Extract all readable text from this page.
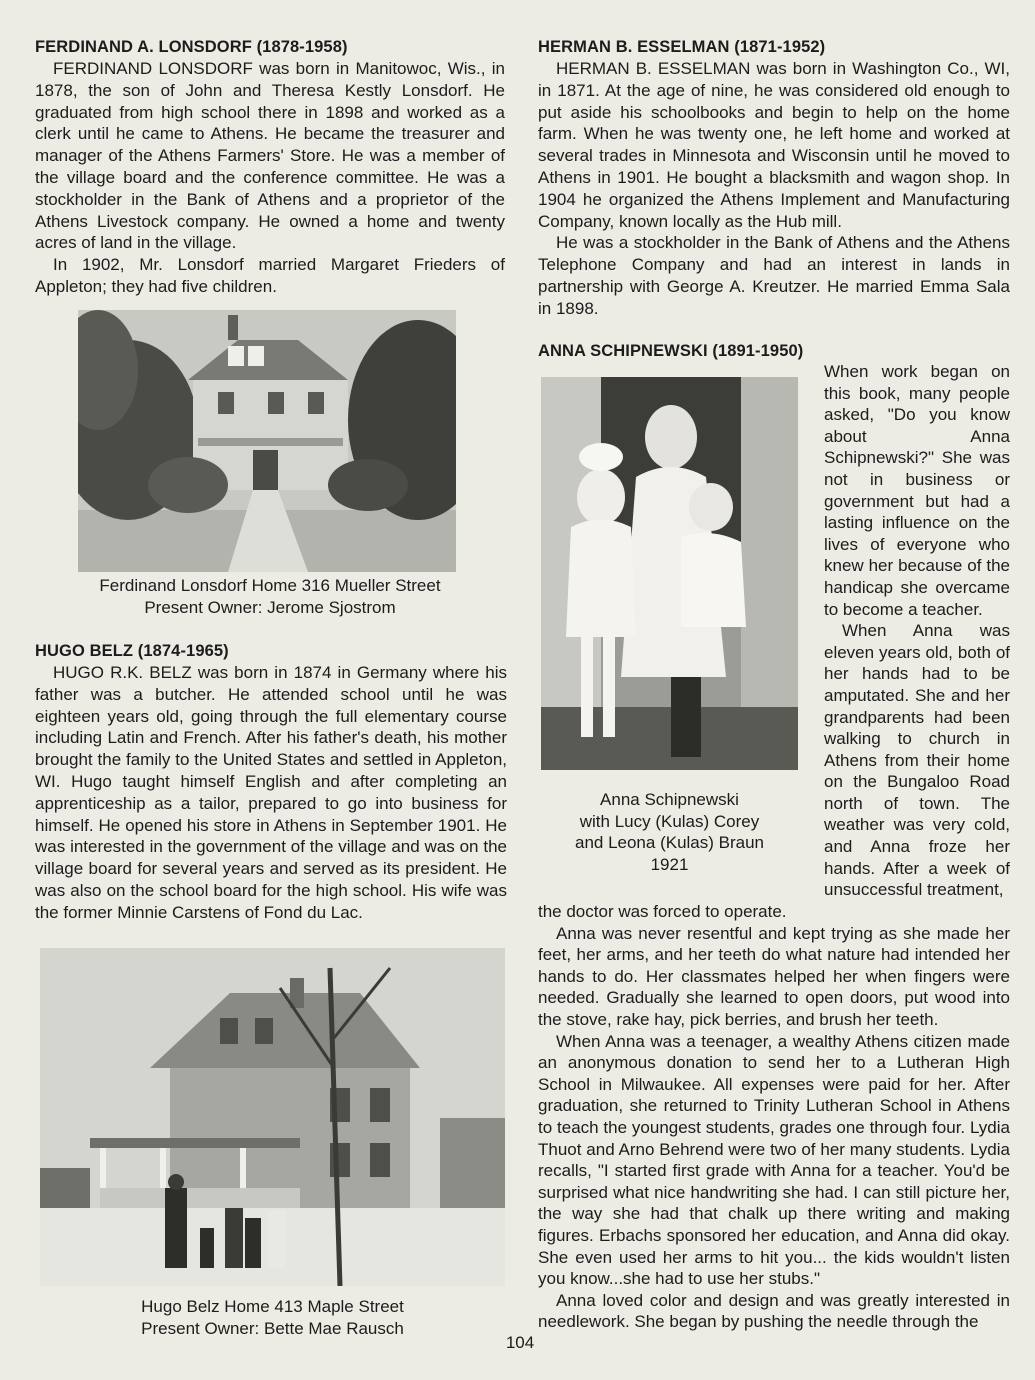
FERDINAND A. LONSDORF (1878-1958)

FERDINAND LONSDORF was born in Manitowoc, Wis., in 1878, the son of John and Theresa Kestly Lonsdorf. He graduated from high school there in 1898 and worked as a clerk until he came to Athens. He became the treasurer and manager of the Athens Farmers' Store. He was a member of the village board and the conference committee. He was a stockholder in the Bank of Athens and a proprietor of the Athens Livestock company. He owned a home and twenty acres of land in the village.

In 1902, Mr. Lonsdorf married Margaret Frieders of Appleton; they had five children.

Ferdinand Lonsdorf Home 316 Mueller Street
Present Owner: Jerome Sjostrom
HUGO BELZ (1874-1965)

HUGO R.K. BELZ was born in 1874 in Germany where his father was a butcher. He attended school until he was eighteen years old, going through the full elementary course including Latin and French. After his father's death, his mother brought the family to the United States and settled in Appleton, WI. Hugo taught himself English and after completing an apprenticeship as a tailor, prepared to go into business for himself. He opened his store in Athens in September 1901. He was interested in the government of the village and was on the village board for several years and served as its president. He was also on the school board for the high school. His wife was the former Minnie Carstens of Fond du Lac.

Hugo Belz Home 413 Maple Street
Present Owner: Bette Mae Rausch
HERMAN B. ESSELMAN (1871-1952)

HERMAN B. ESSELMAN was born in Washington Co., WI, in 1871. At the age of nine, he was considered old enough to put aside his schoolbooks and begin to help on the home farm. When he was twenty one, he left home and worked at several trades in Minnesota and Wisconsin until he moved to Athens in 1901. He bought a blacksmith and wagon shop. In 1904 he organized the Athens Implement and Manufacturing Company, known locally as the Hub mill.

He was a stockholder in the Bank of Athens and the Athens Telephone Company and had an interest in lands in partnership with George A. Kreutzer. He married Emma Sala in 1898.

ANNA SCHIPNEWSKI (1891-1950)
Anna Schipnewski
with Lucy (Kulas) Corey
and Leona (Kulas) Braun
1921

When work began on this book, many people asked, "Do you know about Anna Schipnewski?" She was not in business or government but had a lasting influence on the lives of everyone who knew her because of the handicap she overcame to become a teacher.

When Anna was eleven years old, both of her hands had to be amputated. She and her grandparents had been walking to church in Athens from their home on the Bungaloo Road north of town. The weather was very cold, and Anna froze her hands. After a week of unsuccessful treatment,

the doctor was forced to operate.

Anna was never resentful and kept trying as she made her feet, her arms, and her teeth do what nature had intended her hands to do. Her classmates helped her when fingers were needed. Gradually she learned to open doors, put wood into the stove, rake hay, pick berries, and brush her teeth.

When Anna was a teenager, a wealthy Athens citizen made an anonymous donation to send her to a Lutheran High School in Milwaukee. All expenses were paid for her. After graduation, she returned to Trinity Lutheran School in Athens to teach the youngest students, grades one through four. Lydia Thuot and Arno Behrend were two of her many students. Lydia recalls, "I started first grade with Anna for a teacher. You'd be surprised what nice handwriting she had. I can still picture her, the way she had that chalk up there writing and making figures. Erbachs sponsored her education, and Anna did okay. She even used her arms to hit you... the kids wouldn't listen you know...she had to use her stubs."

Anna loved color and design and was greatly interested in needlework. She began by pushing the needle through the

104
